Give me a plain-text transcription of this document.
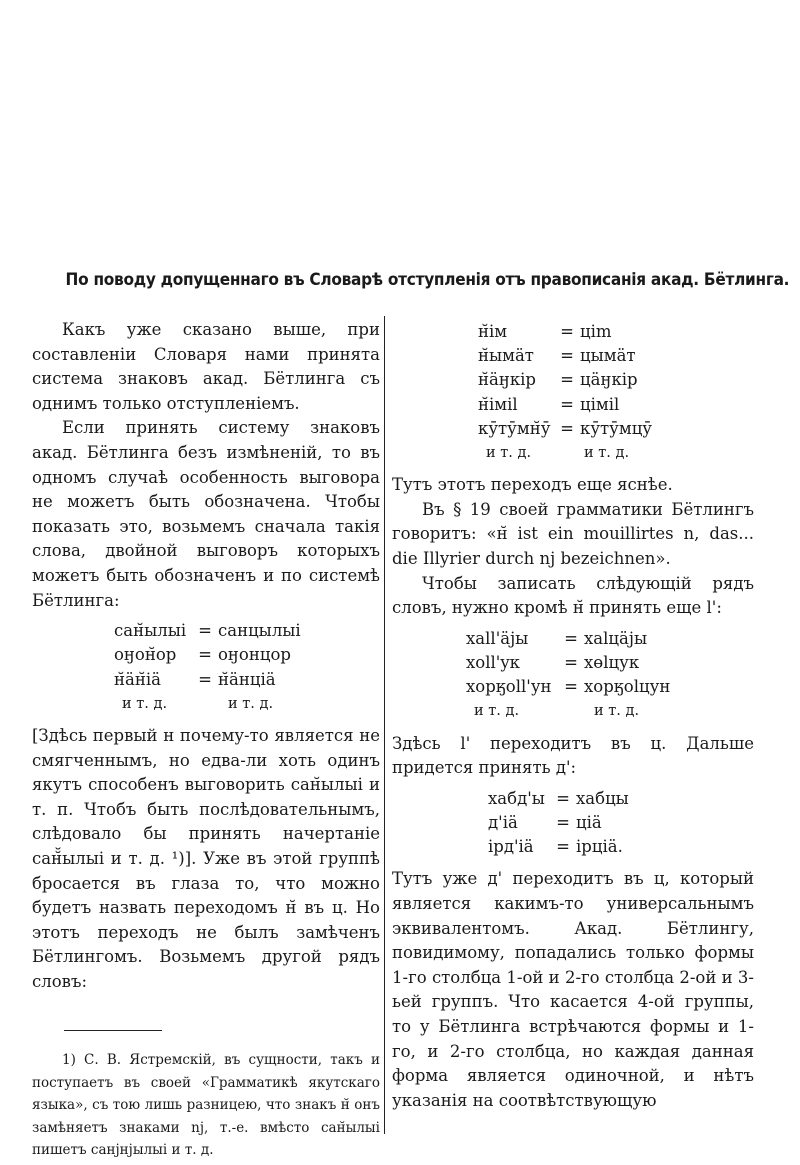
По поводу допущеннаго въ Словарѣ отступленія отъ правописанія акад. Бётлинга.

Какъ уже сказано выше, при составленіи Словаря нами принята система знаковъ акад. Бётлинга съ однимъ только отступленіемъ.

Если принять систему знаковъ акад. Бётлинга безъ измѣненій, то въ одномъ случаѣ особенность выговора не можетъ быть обозначена. Чтобы показать это, возьмемъ сначала такія слова, двойной выговоръ которыхъ можетъ быть обозначенъ и по системѣ Бётлинга:

сaн̆ылыі = санцылыі
оӈон̆ор	= оӈонцор
н̆ӓн̆іӓ	= н̆ӓнціӓ
и т. д.	и т. д.

[Здѣсь первый н почему-то является не смягченнымъ, но едва-ли хоть одинъ якутъ способенъ выговорить сан̆ылыі и т. п. Чтобъ быть послѣдовательнымъ, слѣдовало бы принять начертаніе сан̆̆ылыі и т. д. ¹)]. Уже въ этой группѣ бросается въ глаза то, что можно будетъ назвать переходомъ н̆ въ ц. Но этотъ переходъ не былъ замѣченъ Бётлингомъ. Возьмемъ другой рядъ словъ:

1) С. В. Ястремскій, въ сущности, такъ и поступаетъ въ своей «Грамматикѣ якутскаго языка», съ тою лишь разницею, что знакъ н̆ онъ замѣняетъ знаками nj, т.-е. вмѣсто сан̆ылыі пишетъ санjнjылыі и т. д.

н̆ім	= ціm
н̆ымӓт	= цымӓт
н̆ӓӈкір	= цӓӈкір
н̆іміl	= ціміl
кӯтӯмн̆ӯ = кӯтӯмцӯ
и т. д.	и т. д.

Тутъ этотъ переходъ еще яснѣе.

Въ § 19 своей грамматики Бётлингъ говоритъ: «н̆ ist ein mouillirtes n, das... die Illyrier durch nj bezeichnen».

Чтобы записать слѣдующій рядъ словъ, нужно кромѣ н̆ принять еще l':

xall'ӓjы	= xalцӓjы
xoll'yк	= xөlцук
хорӄoll'ун = хорӄolцун
и т. д.	и т. д.

Здѣсь l' переходитъ въ ц. Дальше придется принять д':

хабд'ы = хабцы
д'іӓ	= ціӓ
ірд'іӓ	= ірціӓ.

Тутъ уже д' переходитъ въ ц, который является какимъ-то универсальнымъ эквивалентомъ. Акад. Бётлингу, повидимому, попадались только формы 1-го столбца 1-ой и 2-го столбца 2-ой и 3-ьей группъ. Что касается 4-ой группы, то у Бётлинга встрѣчаются формы и 1-го, и 2-го столбца, но каждая данная форма является одиночной, и нѣтъ указанія на соотвѣтствующую
